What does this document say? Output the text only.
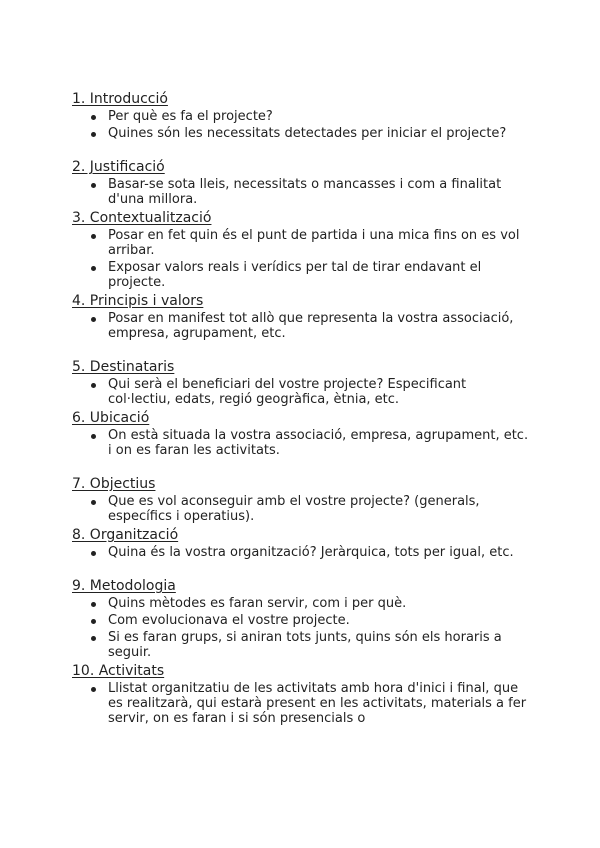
1. Introducció
Per què es fa el projecte?
Quines són les necessitats detectades per iniciar el projecte?
2. Justificació
Basar-se sota lleis, necessitats o mancasses i com a finalitat d'una millora.
3. Contextualització
Posar en fet quin és el punt de partida i una mica fins on es vol arribar.
Exposar valors reals i verídics per tal de tirar endavant el projecte.
4. Principis i valors
Posar en manifest tot allò que representa la vostra associació, empresa, agrupament, etc.
5. Destinataris
Qui serà el beneficiari del vostre projecte? Especificant col·lectiu, edats, regió geogràfica, ètnia, etc.
6. Ubicació
On està situada la vostra associació, empresa, agrupament, etc. i on es faran les activitats.
7. Objectius
Que es vol aconseguir amb el vostre projecte? (generals, específics i operatius).
8. Organització
Quina és la vostra organització? Jeràrquica, tots per igual, etc.
9. Metodologia
Quins mètodes es faran servir, com i per què.
Com evolucionava el vostre projecte.
Si es faran grups, si aniran tots junts, quins són els horaris a seguir.
10. Activitats
Llistat organitzatiu de les activitats amb hora d'inici i final, que es realitzarà, qui estarà present en les activitats, materials a fer servir, on es faran i si són presencials o
